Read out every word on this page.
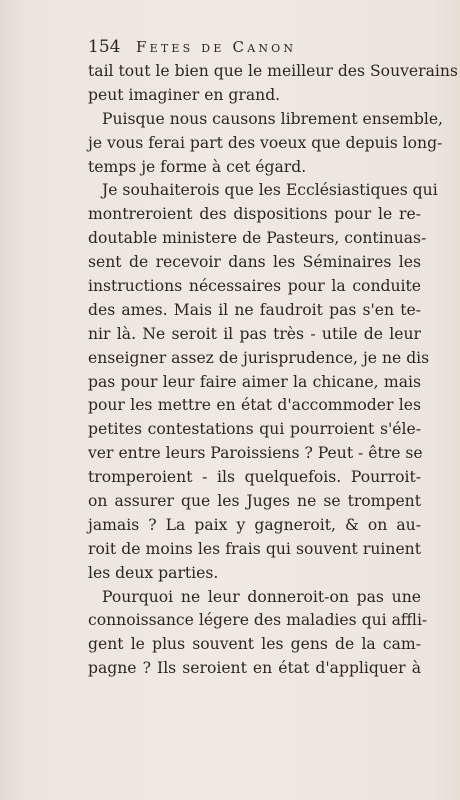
154 Fetes de Canon
tail tout le bien que le meilleur des Souverains
peut imaginer en grand.
Puisque nous causons librement ensemble,
je vous ferai part des voeux que depuis long-
temps je forme à cet égard.
Je souhaiterois que les Ecclésiastiques qui
montreroient des dispositions pour le re-
doutable ministere de Pasteurs, continuas-
sent de recevoir dans les Séminaires les
instructions nécessaires pour la conduite
des ames. Mais il ne faudroit pas s'en te-
nir là. Ne seroit il pas très - utile de leur
enseigner assez de jurisprudence, je ne dis
pas pour leur faire aimer la chicane, mais
pour les mettre en état d'accommoder les
petites contestations qui pourroient s'éle-
ver entre leurs Paroissiens ? Peut - être se
tromperoient - ils quelquefois. Pourroit-
on assurer que les Juges ne se trompent
jamais ? La paix y gagneroit, & on au-
roit de moins les frais qui souvent ruinent
les deux parties.
Pourquoi ne leur donneroit-on pas une
connoissance légere des maladies qui affli-
gent le plus souvent les gens de la cam-
pagne ? Ils seroient en état d'appliquer à
